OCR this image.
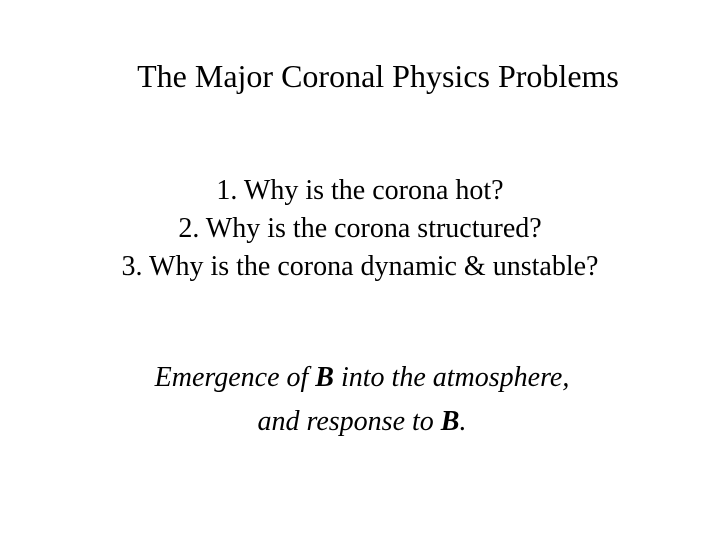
The Major Coronal Physics Problems
1. Why is the corona hot?
2. Why is the corona structured?
3. Why is the corona dynamic & unstable?
Emergence of B into the atmosphere,
and response to B.
